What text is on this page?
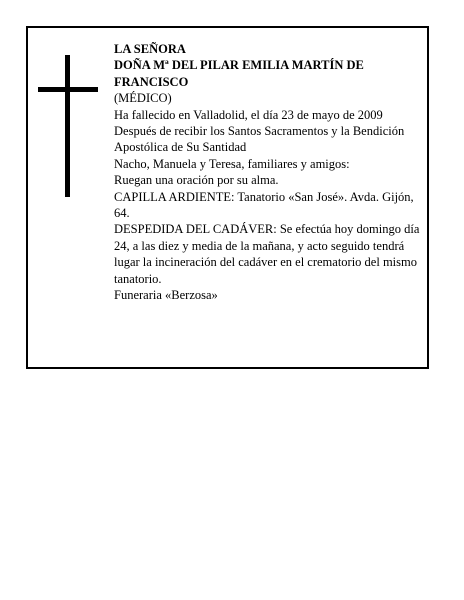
LA SEÑORA

DOÑA Mª DEL PILAR EMILIA MARTÍN DE FRANCISCO

(MÉDICO)

Ha fallecido en Valladolid, el día 23 de mayo de 2009

Después de recibir los Santos Sacramentos y la Bendición Apostólica de Su Santidad

Nacho, Manuela y Teresa, familiares y amigos:

Ruegan una oración por su alma.

CAPILLA ARDIENTE: Tanatorio «San José». Avda. Gijón, 64.

DESPEDIDA DEL CADÁVER: Se efectúa hoy domingo día 24, a las diez y media de la mañana, y acto seguido tendrá lugar la incineración del cadáver en el crematorio del mismo tanatorio.

Funeraria «Berzosa»
